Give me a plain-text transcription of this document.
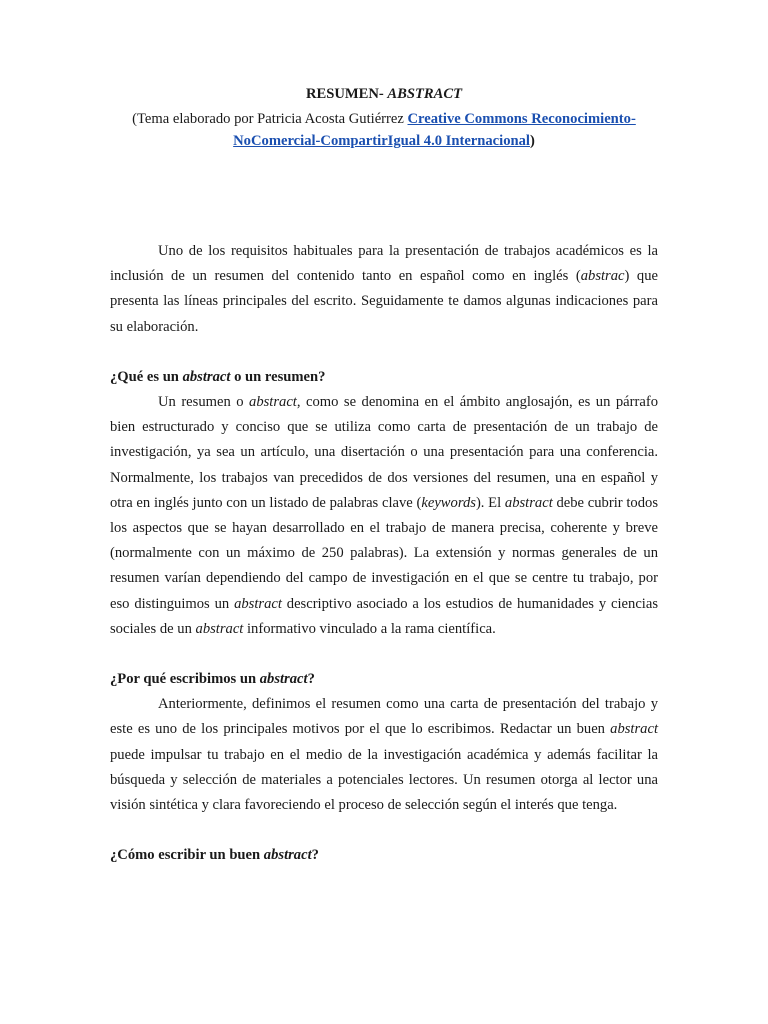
RESUMEN- ABSTRACT

(Tema elaborado por Patricia Acosta Gutiérrez Creative Commons Reconocimiento-
NoComercial-CompartirIgual 4.0 Internacional)

Uno de los requisitos habituales para la presentación de trabajos académicos es la inclusión de un resumen del contenido tanto en español como en inglés (abstrac) que presenta las líneas principales del escrito. Seguidamente te damos algunas indicaciones para su elaboración.

¿Qué es un abstract o un resumen?

Un resumen o abstract, como se denomina en el ámbito anglosajón, es un párrafo bien estructurado y conciso que se utiliza como carta de presentación de un trabajo de investigación, ya sea un artículo, una disertación o una presentación para una conferencia. Normalmente, los trabajos van precedidos de dos versiones del resumen, una en español y otra en inglés junto con un listado de palabras clave (keywords). El abstract debe cubrir todos los aspectos que se hayan desarrollado en el trabajo de manera precisa, coherente y breve (normalmente con un máximo de 250 palabras). La extensión y normas generales de un resumen varían dependiendo del campo de investigación en el que se centre tu trabajo, por eso distinguimos un abstract descriptivo asociado a los estudios de humanidades y ciencias sociales de un abstract informativo vinculado a la rama científica.

¿Por qué escribimos un abstract?

Anteriormente, definimos el resumen como una carta de presentación del trabajo y este es uno de los principales motivos por el que lo escribimos. Redactar un buen abstract puede impulsar tu trabajo en el medio de la investigación académica y además facilitar la búsqueda y selección de materiales a potenciales lectores. Un resumen otorga al lector una visión sintética y clara favoreciendo el proceso de selección según el interés que tenga.

¿Cómo escribir un buen abstract?
